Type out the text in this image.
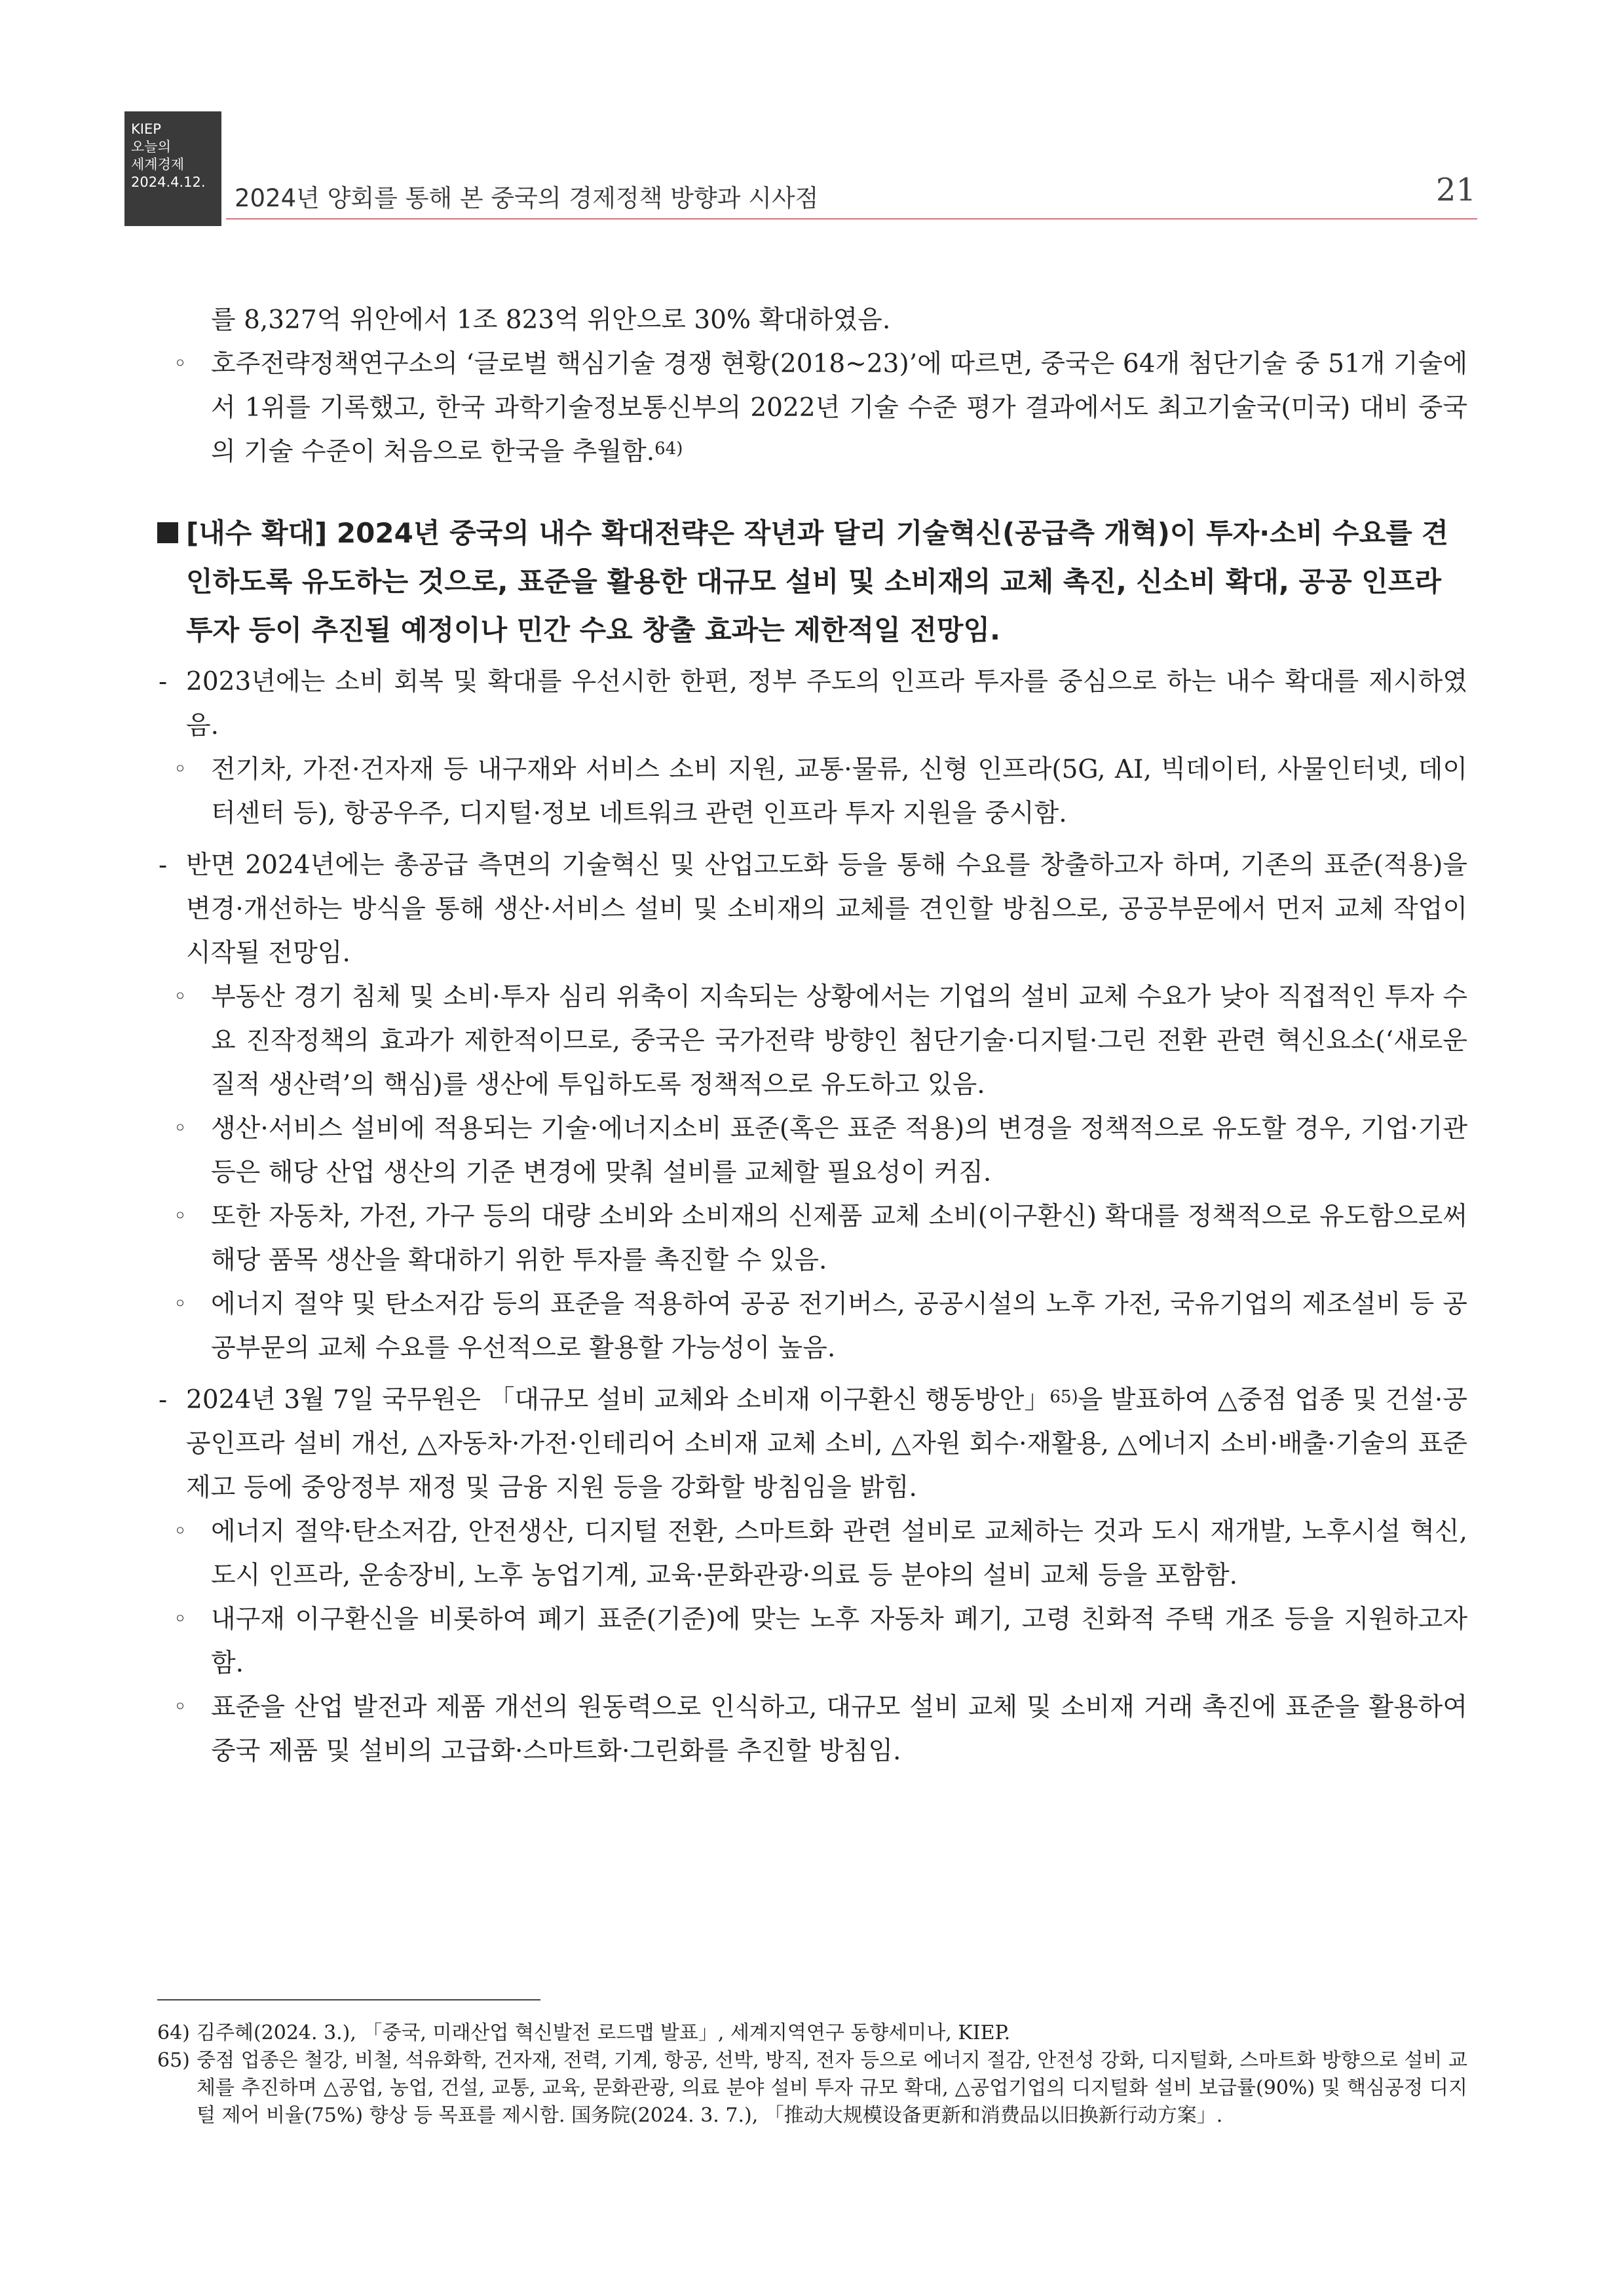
KIEP
오늘의
세계경제
2024.4.12.
2024년 양회를 통해 본 중국의 경제정책 방향과 시사점	21
를 8,327억 위안에서 1조 823억 위안으로 30% 확대하였음.
◦ 호주전략정책연구소의 ‘글로벌 핵심기술 경쟁 현황(2018~23)’에 따르면, 중국은 64개 첨단기술 중 51개 기술에서 1위를 기록했고, 한국 과학기술정보통신부의 2022년 기술 수준 평가 결과에서도 최고기술국(미국) 대비 중국의 기술 수준이 처음으로 한국을 추월함.$^{64)}$
[내수 확대] 2024년 중국의 내수 확대전략은 작년과 달리 기술혁신(공급측 개혁)이 투자·소비 수요를 견인하도록 유도하는 것으로, 표준을 활용한 대규모 설비 및 소비재의 교체 촉진, 신소비 확대, 공공 인프라 투자 등이 추진될 예정이나 민간 수요 창출 효과는 제한적일 전망임.
- 2023년에는 소비 회복 및 확대를 우선시한 한편, 정부 주도의 인프라 투자를 중심으로 하는 내수 확대를 제시하였음.
◦ 전기차, 가전·건자재 등 내구재와 서비스 소비 지원, 교통·물류, 신형 인프라(5G, AI, 빅데이터, 사물인터넷, 데이터센터 등), 항공우주, 디지털·정보 네트워크 관련 인프라 투자 지원을 중시함.
- 반면 2024년에는 총공급 측면의 기술혁신 및 산업고도화 등을 통해 수요를 창출하고자 하며, 기존의 표준(적용)을 변경·개선하는 방식을 통해 생산·서비스 설비 및 소비재의 교체를 견인할 방침으로, 공공부문에서 먼저 교체 작업이 시작될 전망임.
◦ 부동산 경기 침체 및 소비·투자 심리 위축이 지속되는 상황에서는 기업의 설비 교체 수요가 낮아 직접적인 투자 수요 진작정책의 효과가 제한적이므로, 중국은 국가전략 방향인 첨단기술·디지털·그린 전환 관련 혁신요소(‘새로운 질적 생산력’의 핵심)를 생산에 투입하도록 정책적으로 유도하고 있음.
◦ 생산·서비스 설비에 적용되는 기술·에너지소비 표준(혹은 표준 적용)의 변경을 정책적으로 유도할 경우, 기업·기관 등은 해당 산업 생산의 기준 변경에 맞춰 설비를 교체할 필요성이 커짐.
◦ 또한 자동차, 가전, 가구 등의 대량 소비와 소비재의 신제품 교체 소비(이구환신) 확대를 정책적으로 유도함으로써 해당 품목 생산을 확대하기 위한 투자를 촉진할 수 있음.
◦ 에너지 절약 및 탄소저감 등의 표준을 적용하여 공공 전기버스, 공공시설의 노후 가전, 국유기업의 제조설비 등 공공부문의 교체 수요를 우선적으로 활용할 가능성이 높음.
- 2024년 3월 7일 국무원은 「대규모 설비 교체와 소비재 이구환신 행동방안」$^{65)}$을 발표하여 △중점 업종 및 건설·공공인프라 설비 개선, △자동차·가전·인테리어 소비재 교체 소비, △자원 회수·재활용, △에너지 소비·배출·기술의 표준 제고 등에 중앙정부 재정 및 금융 지원 등을 강화할 방침임을 밝힘.
◦ 에너지 절약·탄소저감, 안전생산, 디지털 전환, 스마트화 관련 설비로 교체하는 것과 도시 재개발, 노후시설 혁신, 도시 인프라, 운송장비, 노후 농업기계, 교육·문화관광·의료 등 분야의 설비 교체 등을 포함함.
◦ 내구재 이구환신을 비롯하여 폐기 표준(기준)에 맞는 노후 자동차 폐기, 고령 친화적 주택 개조 등을 지원하고자 함.
◦ 표준을 산업 발전과 제품 개선의 원동력으로 인식하고, 대규모 설비 교체 및 소비재 거래 촉진에 표준을 활용하여 중국 제품 및 설비의 고급화·스마트화·그린화를 추진할 방침임.
64) 김주혜(2024. 3.), 「중국, 미래산업 혁신발전 로드맵 발표」, 세계지역연구 동향세미나, KIEP.
65) 중점 업종은 철강, 비철, 석유화학, 건자재, 전력, 기계, 항공, 선박, 방직, 전자 등으로 에너지 절감, 안전성 강화, 디지털화, 스마트화 방향으로 설비 교체를 추진하며 △공업, 농업, 건설, 교통, 교육, 문화관광, 의료 분야 설비 투자 규모 확대, △공업기업의 디지털화 설비 보급률(90%) 및 핵심공정 디지털 제어 비율(75%) 향상 등 목표를 제시함. 国务院(2024. 3. 7.), 「推动大规模设备更新和消费品以旧换新行动方案」.
